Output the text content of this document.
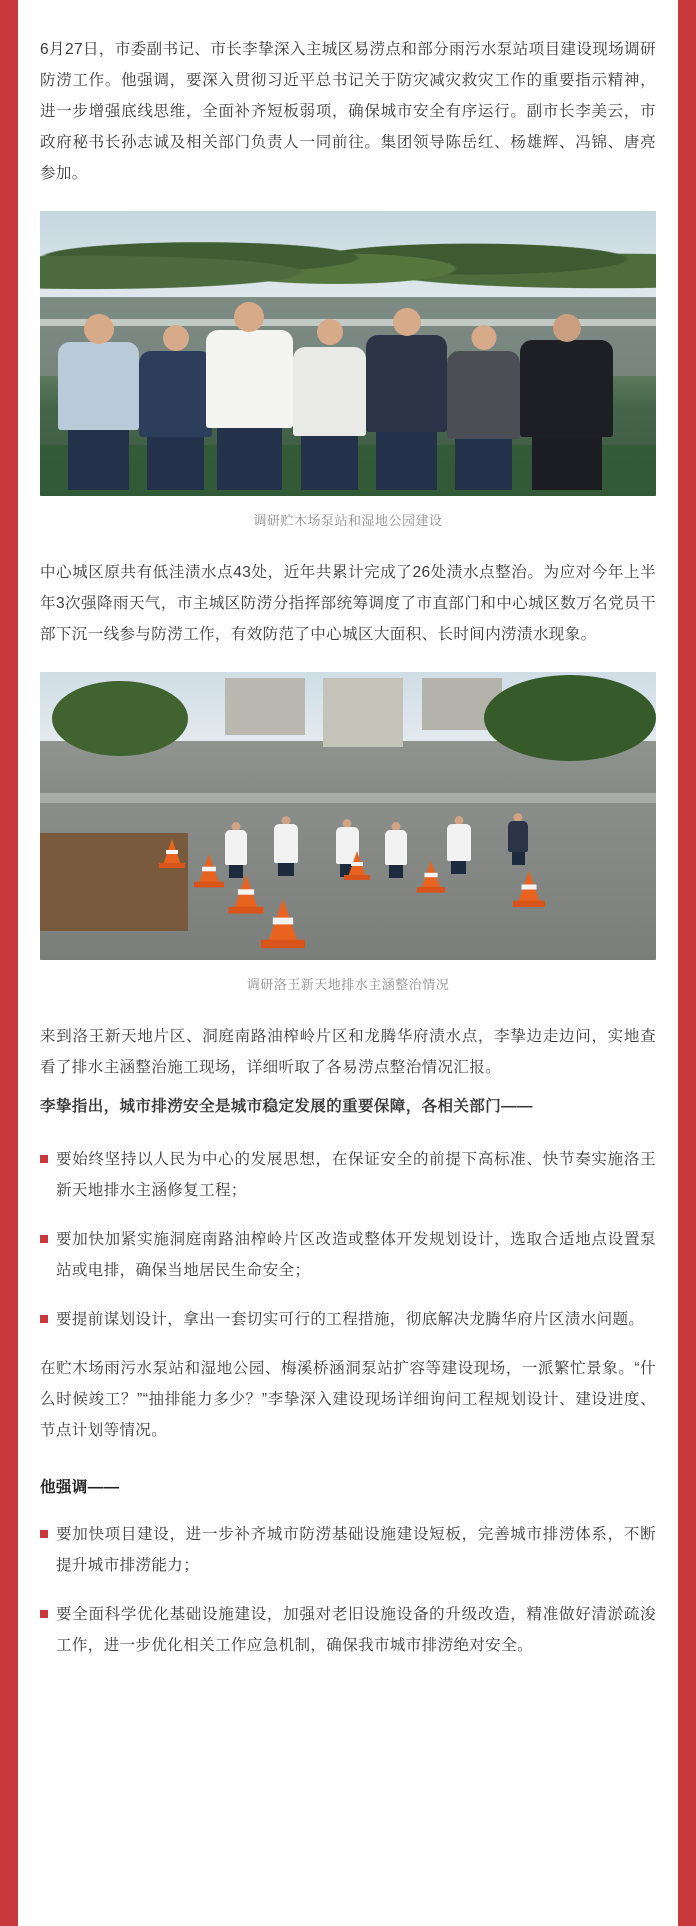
6月27日，市委副书记、市长李挚深入主城区易涝点和部分雨污水泵站项目建设现场调研防涝工作。他强调，要深入贯彻习近平总书记关于防灾减灾救灾工作的重要指示精神，进一步增强底线思维，全面补齐短板弱项，确保城市安全有序运行。副市长李美云，市政府秘书长孙志诚及相关部门负责人一同前往。集团领导陈岳红、杨雄辉、冯锦、唐亮参加。

调研贮木场泵站和湿地公园建设

中心城区原共有低洼渍水点43处，近年共累计完成了26处渍水点整治。为应对今年上半年3次强降雨天气，市主城区防涝分指挥部统筹调度了市直部门和中心城区数万名党员干部下沉一线参与防涝工作，有效防范了中心城区大面积、长时间内涝渍水现象。

调研洛王新天地排水主涵整治情况

来到洛王新天地片区、洞庭南路油榨岭片区和龙腾华府渍水点，李挚边走边问，实地查看了排水主涵整治施工现场，详细听取了各易涝点整治情况汇报。

李挚指出，城市排涝安全是城市稳定发展的重要保障，各相关部门——

要始终坚持以人民为中心的发展思想，在保证安全的前提下高标准、快节奏实施洛王新天地排水主涵修复工程；
要加快加紧实施洞庭南路油榨岭片区改造或整体开发规划设计，选取合适地点设置泵站或电排，确保当地居民生命安全；
要提前谋划设计，拿出一套切实可行的工程措施，彻底解决龙腾华府片区渍水问题。

在贮木场雨污水泵站和湿地公园、梅溪桥涵洞泵站扩容等建设现场，一派繁忙景象。“什么时候竣工？”“抽排能力多少？”李挚深入建设现场详细询问工程规划设计、建设进度、节点计划等情况。

他强调——
要加快项目建设，进一步补齐城市防涝基础设施建设短板，完善城市排涝体系，不断提升城市排涝能力；
要全面科学优化基础设施建设，加强对老旧设施设备的升级改造，精准做好清淤疏浚工作，进一步优化相关工作应急机制，确保我市城市排涝绝对安全。
